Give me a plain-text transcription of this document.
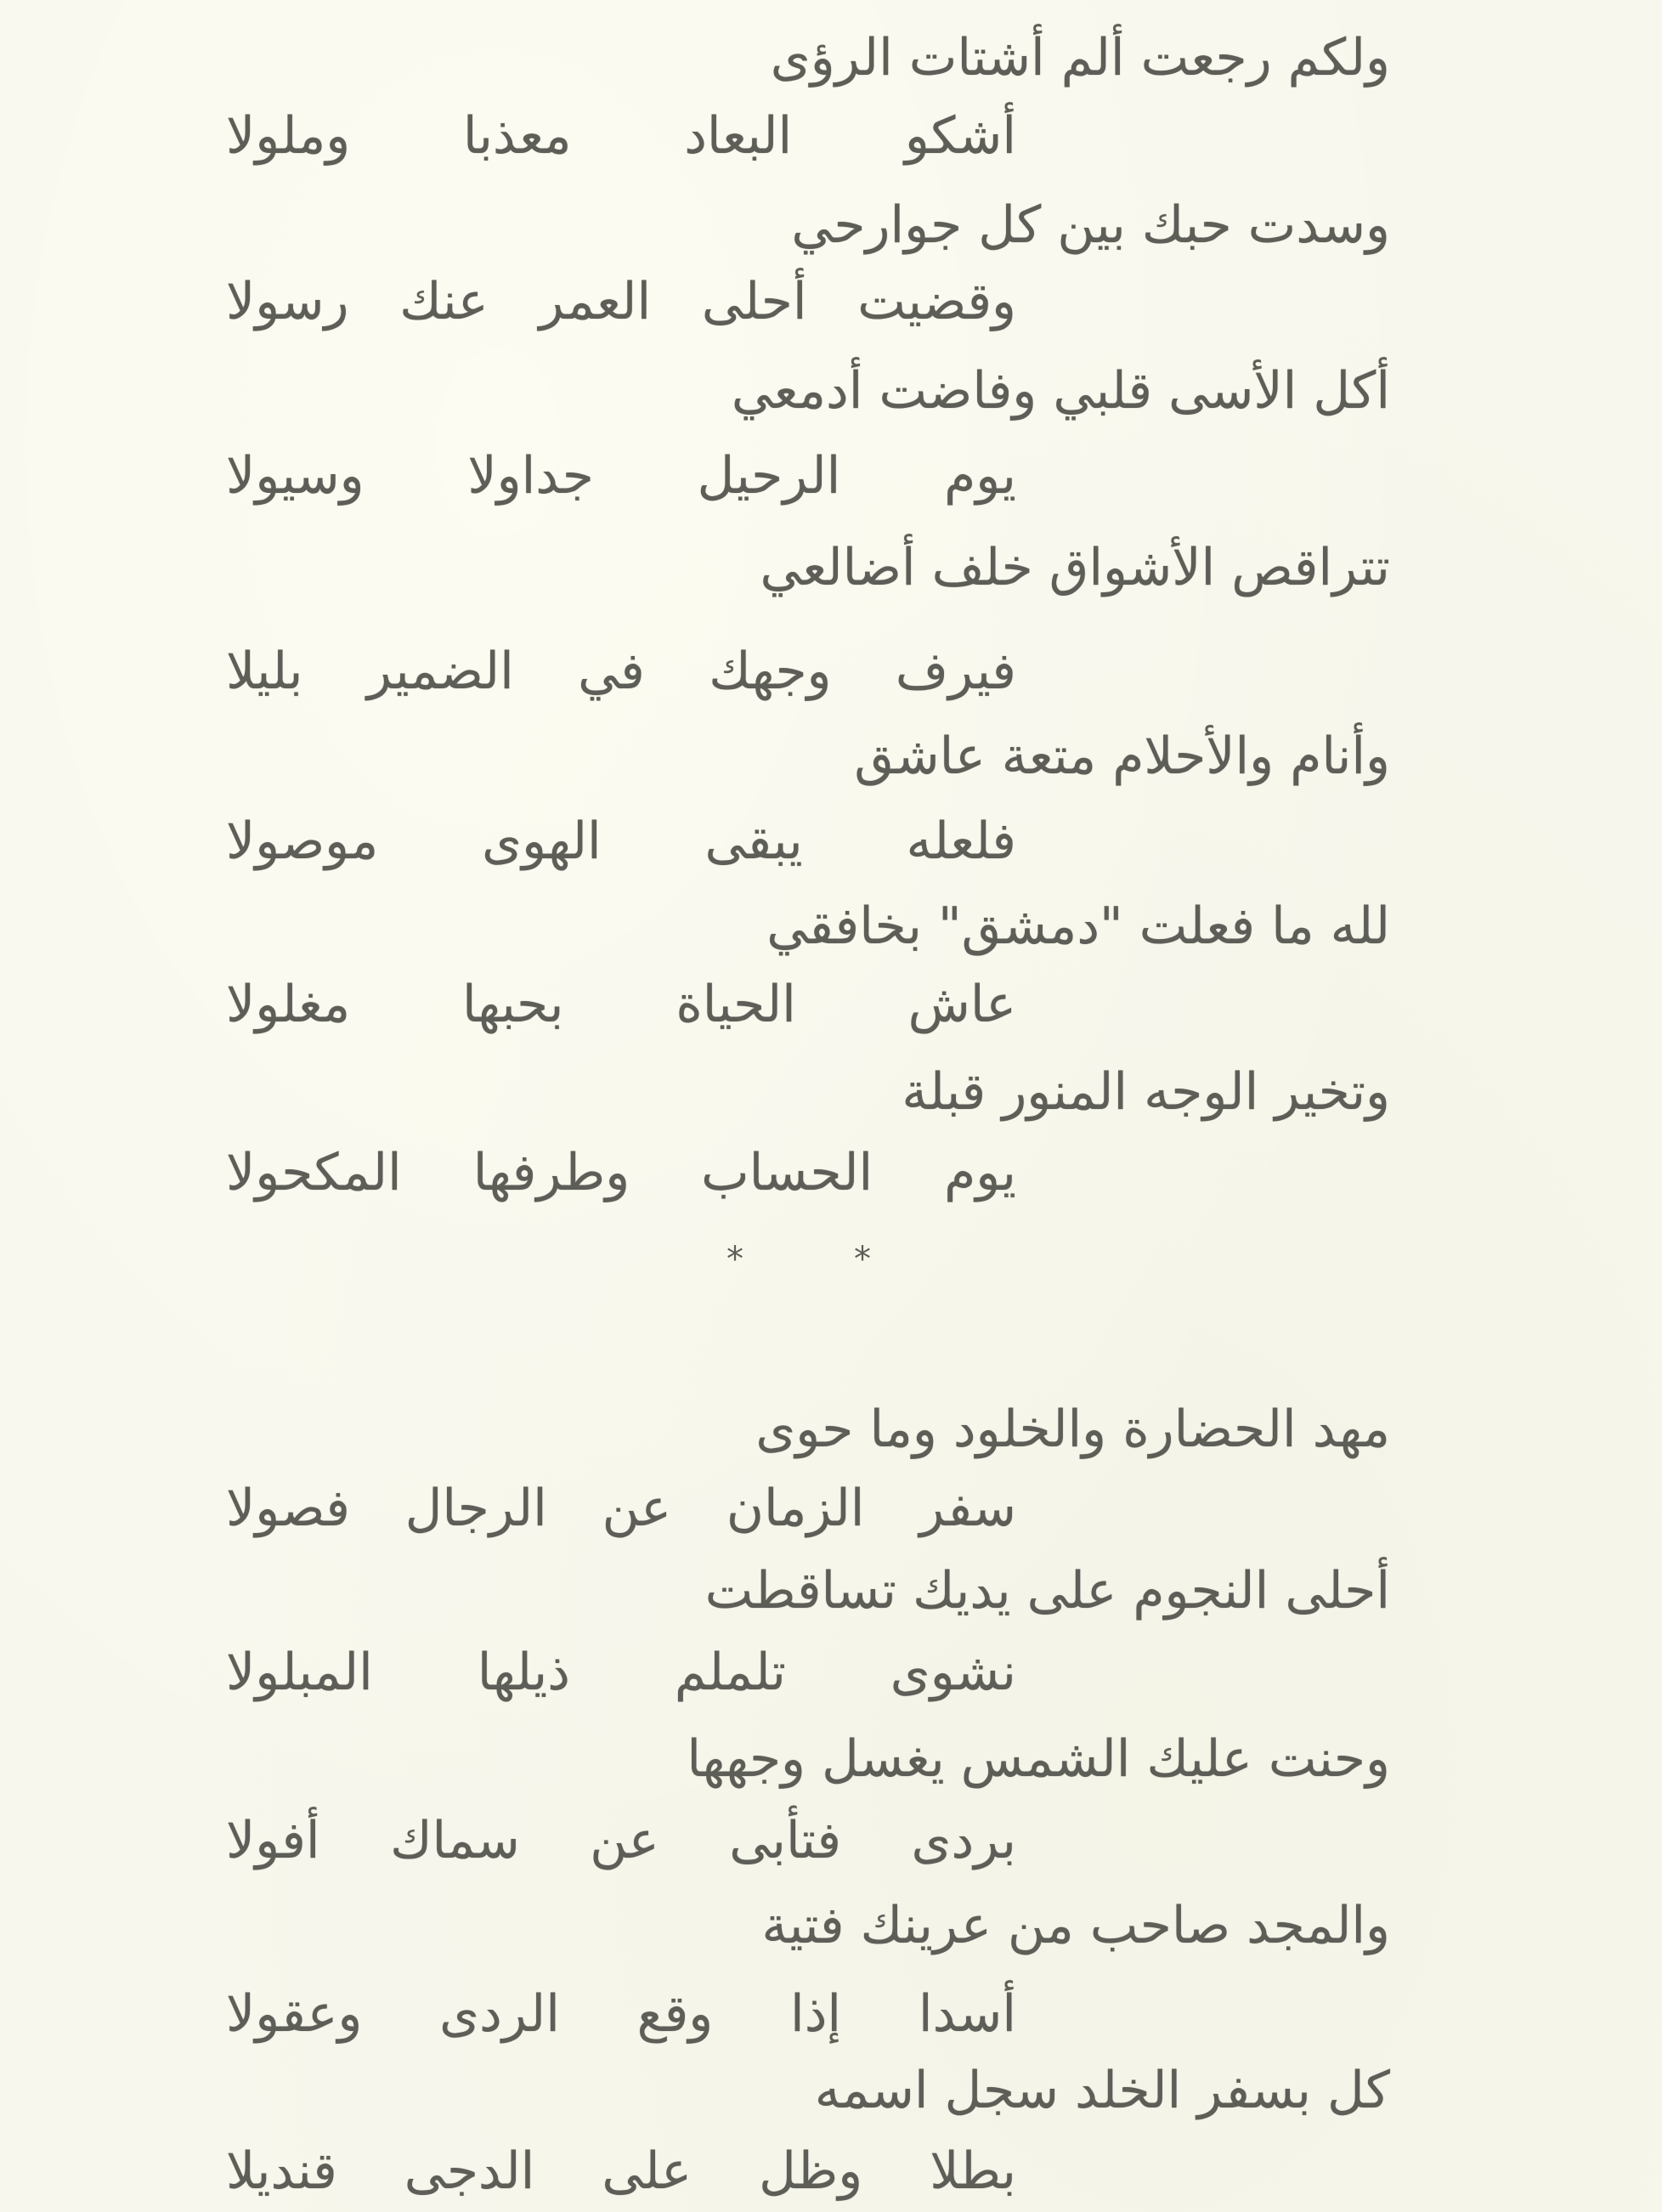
ولكم رجعت ألم أشتات الرؤى
أشكو البعاد معذبا وملولا
وسدت حبك بين كل جوارحي
وقضيت أحلى العمر عنك رسولا
أكل الأسى قلبي وفاضت أدمعي
يوم الرحيل جداولا وسيولا
تتراقص الأشواق خلف أضالعي
فيرف وجهك في الضمير بليلا
وأنام والأحلام متعة عاشق
فلعله يبقى الهوى موصولا
لله ما فعلت "دمشق" بخافقي
عاش الحياة بحبها مغلولا
وتخير الوجه المنور قبلة
يوم الحساب وطرفها المكحولا
*	*
مهد الحضارة والخلود وما حوى
سفر الزمان عن الرجال فصولا
أحلى النجوم على يديك تساقطت
نشوى تلملم ذيلها المبلولا
وحنت عليك الشمس يغسل وجهها
بردى فتأبى عن سماك أفولا
والمجد صاحب من عرينك فتية
أسدا إذا وقع الردى وعقولا
كل بسفر الخلد سجل اسمه
بطلا وظل على الدجى قنديلا
